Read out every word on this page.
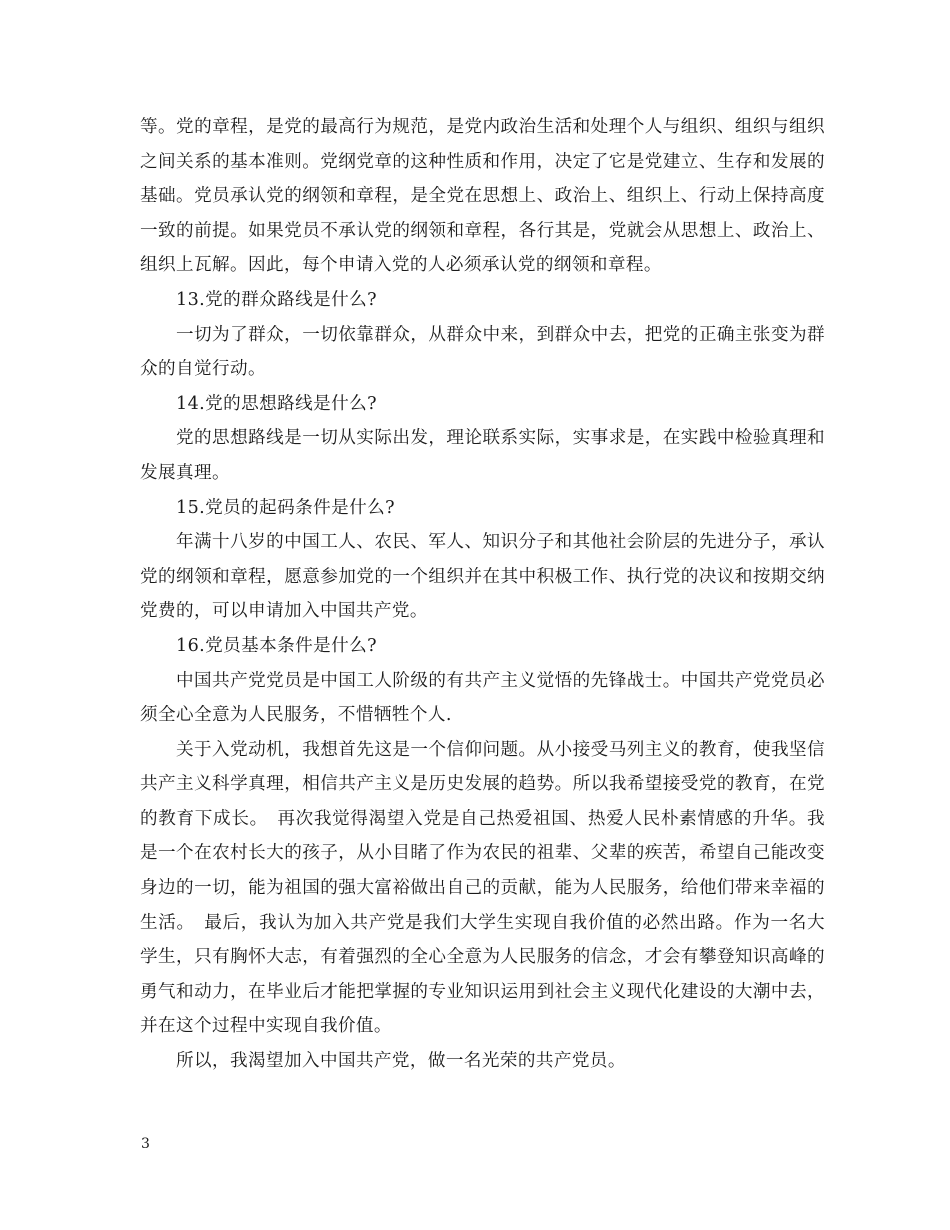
等。党的章程，是党的最高行为规范，是党内政治生活和处理个人与组织、组织与组织之间关系的基本准则。党纲党章的这种性质和作用，决定了它是党建立、生存和发展的基础。党员承认党的纲领和章程，是全党在思想上、政治上、组织上、行动上保持高度一致的前提。如果党员不承认党的纲领和章程，各行其是，党就会从思想上、政治上、组织上瓦解。因此，每个申请入党的人必须承认党的纲领和章程。

13.党的群众路线是什么?

一切为了群众，一切依靠群众，从群众中来，到群众中去，把党的正确主张变为群众的自觉行动。

14.党的思想路线是什么?

党的思想路线是一切从实际出发，理论联系实际，实事求是，在实践中检验真理和发展真理。

15.党员的起码条件是什么?

年满十八岁的中国工人、农民、军人、知识分子和其他社会阶层的先进分子，承认党的纲领和章程，愿意参加党的一个组织并在其中积极工作、执行党的决议和按期交纳党费的，可以申请加入中国共产党。

16.党员基本条件是什么?

中国共产党党员是中国工人阶级的有共产主义觉悟的先锋战士。中国共产党党员必须全心全意为人民服务，不惜牺牲个人.

关于入党动机，我想首先这是一个信仰问题。从小接受马列主义的教育，使我坚信共产主义科学真理，相信共产主义是历史发展的趋势。所以我希望接受党的教育，在党的教育下成长。　再次我觉得渴望入党是自己热爱祖国、热爱人民朴素情感的升华。我是一个在农村长大的孩子，从小目睹了作为农民的祖辈、父辈的疾苦，希望自己能改变身边的一切，能为祖国的强大富裕做出自己的贡献，能为人民服务，给他们带来幸福的生活。　最后，我认为加入共产党是我们大学生实现自我价值的必然出路。作为一名大学生，只有胸怀大志，有着强烈的全心全意为人民服务的信念，才会有攀登知识高峰的勇气和动力，在毕业后才能把掌握的专业知识运用到社会主义现代化建设的大潮中去，并在这个过程中实现自我价值。

所以，我渴望加入中国共产党，做一名光荣的共产党员。

3
